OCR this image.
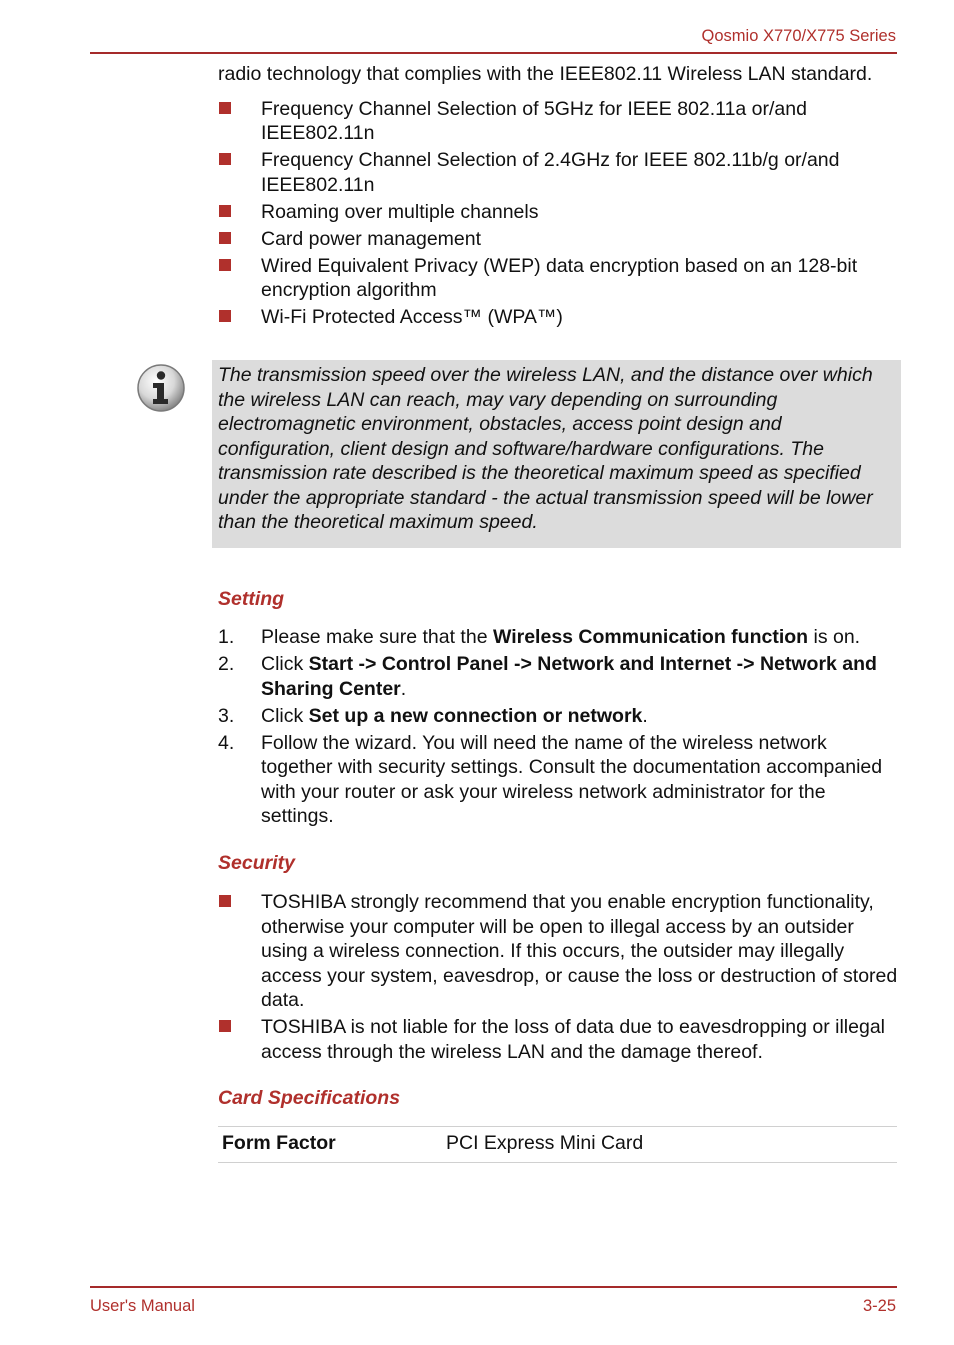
Qosmio X770/X775 Series

radio technology that complies with the IEEE802.11 Wireless LAN standard.

Frequency Channel Selection of 5GHz for IEEE 802.11a or/and IEEE802.11n
Frequency Channel Selection of 2.4GHz for IEEE 802.11b/g or/and IEEE802.11n
Roaming over multiple channels
Card power management
Wired Equivalent Privacy (WEP) data encryption based on an 128-bit encryption algorithm
Wi-Fi Protected Access™ (WPA™)
The transmission speed over the wireless LAN, and the distance over which the wireless LAN can reach, may vary depending on surrounding electromagnetic environment, obstacles, access point design and configuration, client design and software/hardware configurations. The transmission rate described is the theoretical maximum speed as specified under the appropriate standard - the actual transmission speed will be lower than the theoretical maximum speed.
Setting
1. Please make sure that the Wireless Communication function is on.
2. Click Start -> Control Panel -> Network and Internet -> Network and Sharing Center.
3. Click Set up a new connection or network.
4. Follow the wizard. You will need the name of the wireless network together with security settings. Consult the documentation accompanied with your router or ask your wireless network administrator for the settings.
Security
TOSHIBA strongly recommend that you enable encryption functionality, otherwise your computer will be open to illegal access by an outsider using a wireless connection. If this occurs, the outsider may illegally access your system, eavesdrop, or cause the loss or destruction of stored data.
TOSHIBA is not liable for the loss of data due to eavesdropping or illegal access through the wireless LAN and the damage thereof.
Card Specifications
Form Factor	PCI Express Mini Card
User's Manual	3-25
